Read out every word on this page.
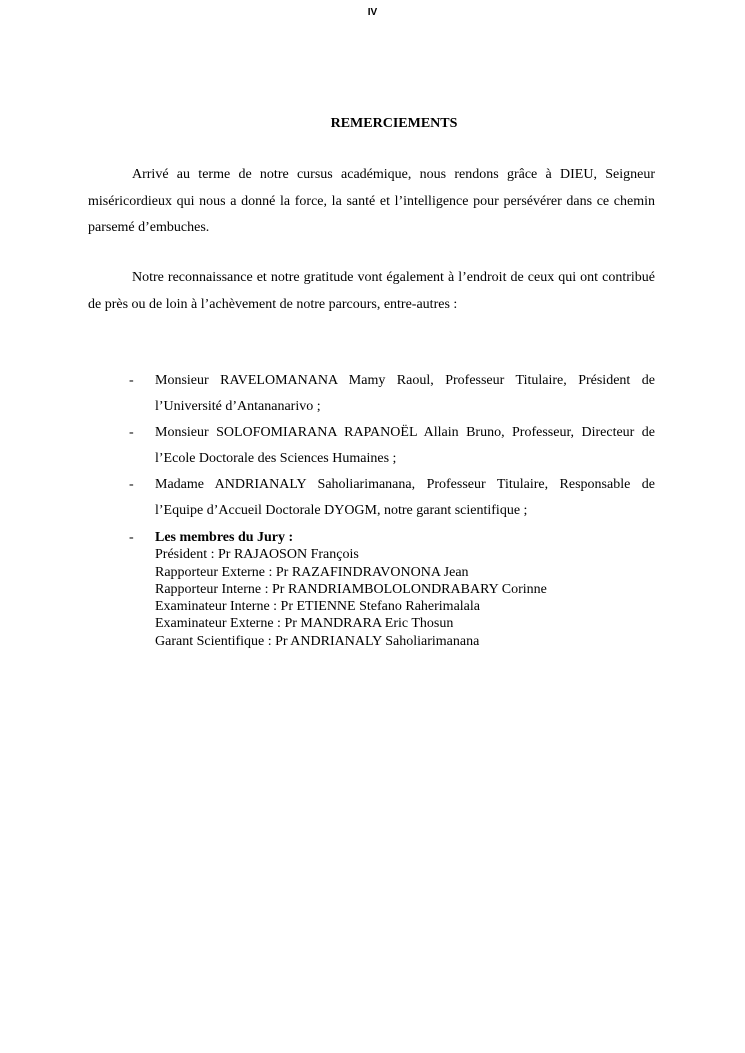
IV
REMERCIEMENTS

Arrivé au terme de notre cursus académique, nous rendons grâce à DIEU, Seigneur miséricordieux qui nous a donné la force, la santé et l’intelligence pour persévérer dans ce chemin parsemé d’embuches.

Notre reconnaissance et notre gratitude vont également à l’endroit de ceux qui ont contribué de près ou de loin à l’achèvement de notre parcours, entre-autres :

- Monsieur RAVELOMANANA Mamy Raoul, Professeur Titulaire, Président de l’Université d’Antananarivo ;
- Monsieur SOLOFOMIARANA RAPANOËL Allain Bruno, Professeur, Directeur de l’Ecole Doctorale des Sciences Humaines ;
- Madame ANDRIANALY Saholiarimanana, Professeur Titulaire, Responsable de l’Equipe d’Accueil Doctorale DYOGM, notre garant scientifique ;
- Les membres du Jury :
Président : Pr RAJAOSON François
Rapporteur Externe : Pr RAZAFINDRAVONONA Jean
Rapporteur Interne : Pr RANDRIAMBOLOLONDRABARY Corinne
Examinateur Interne : Pr ETIENNE Stefano Raherimalala
Examinateur Externe : Pr MANDRARA Eric Thosun
Garant Scientifique : Pr ANDRIANALY Saholiarimanana
